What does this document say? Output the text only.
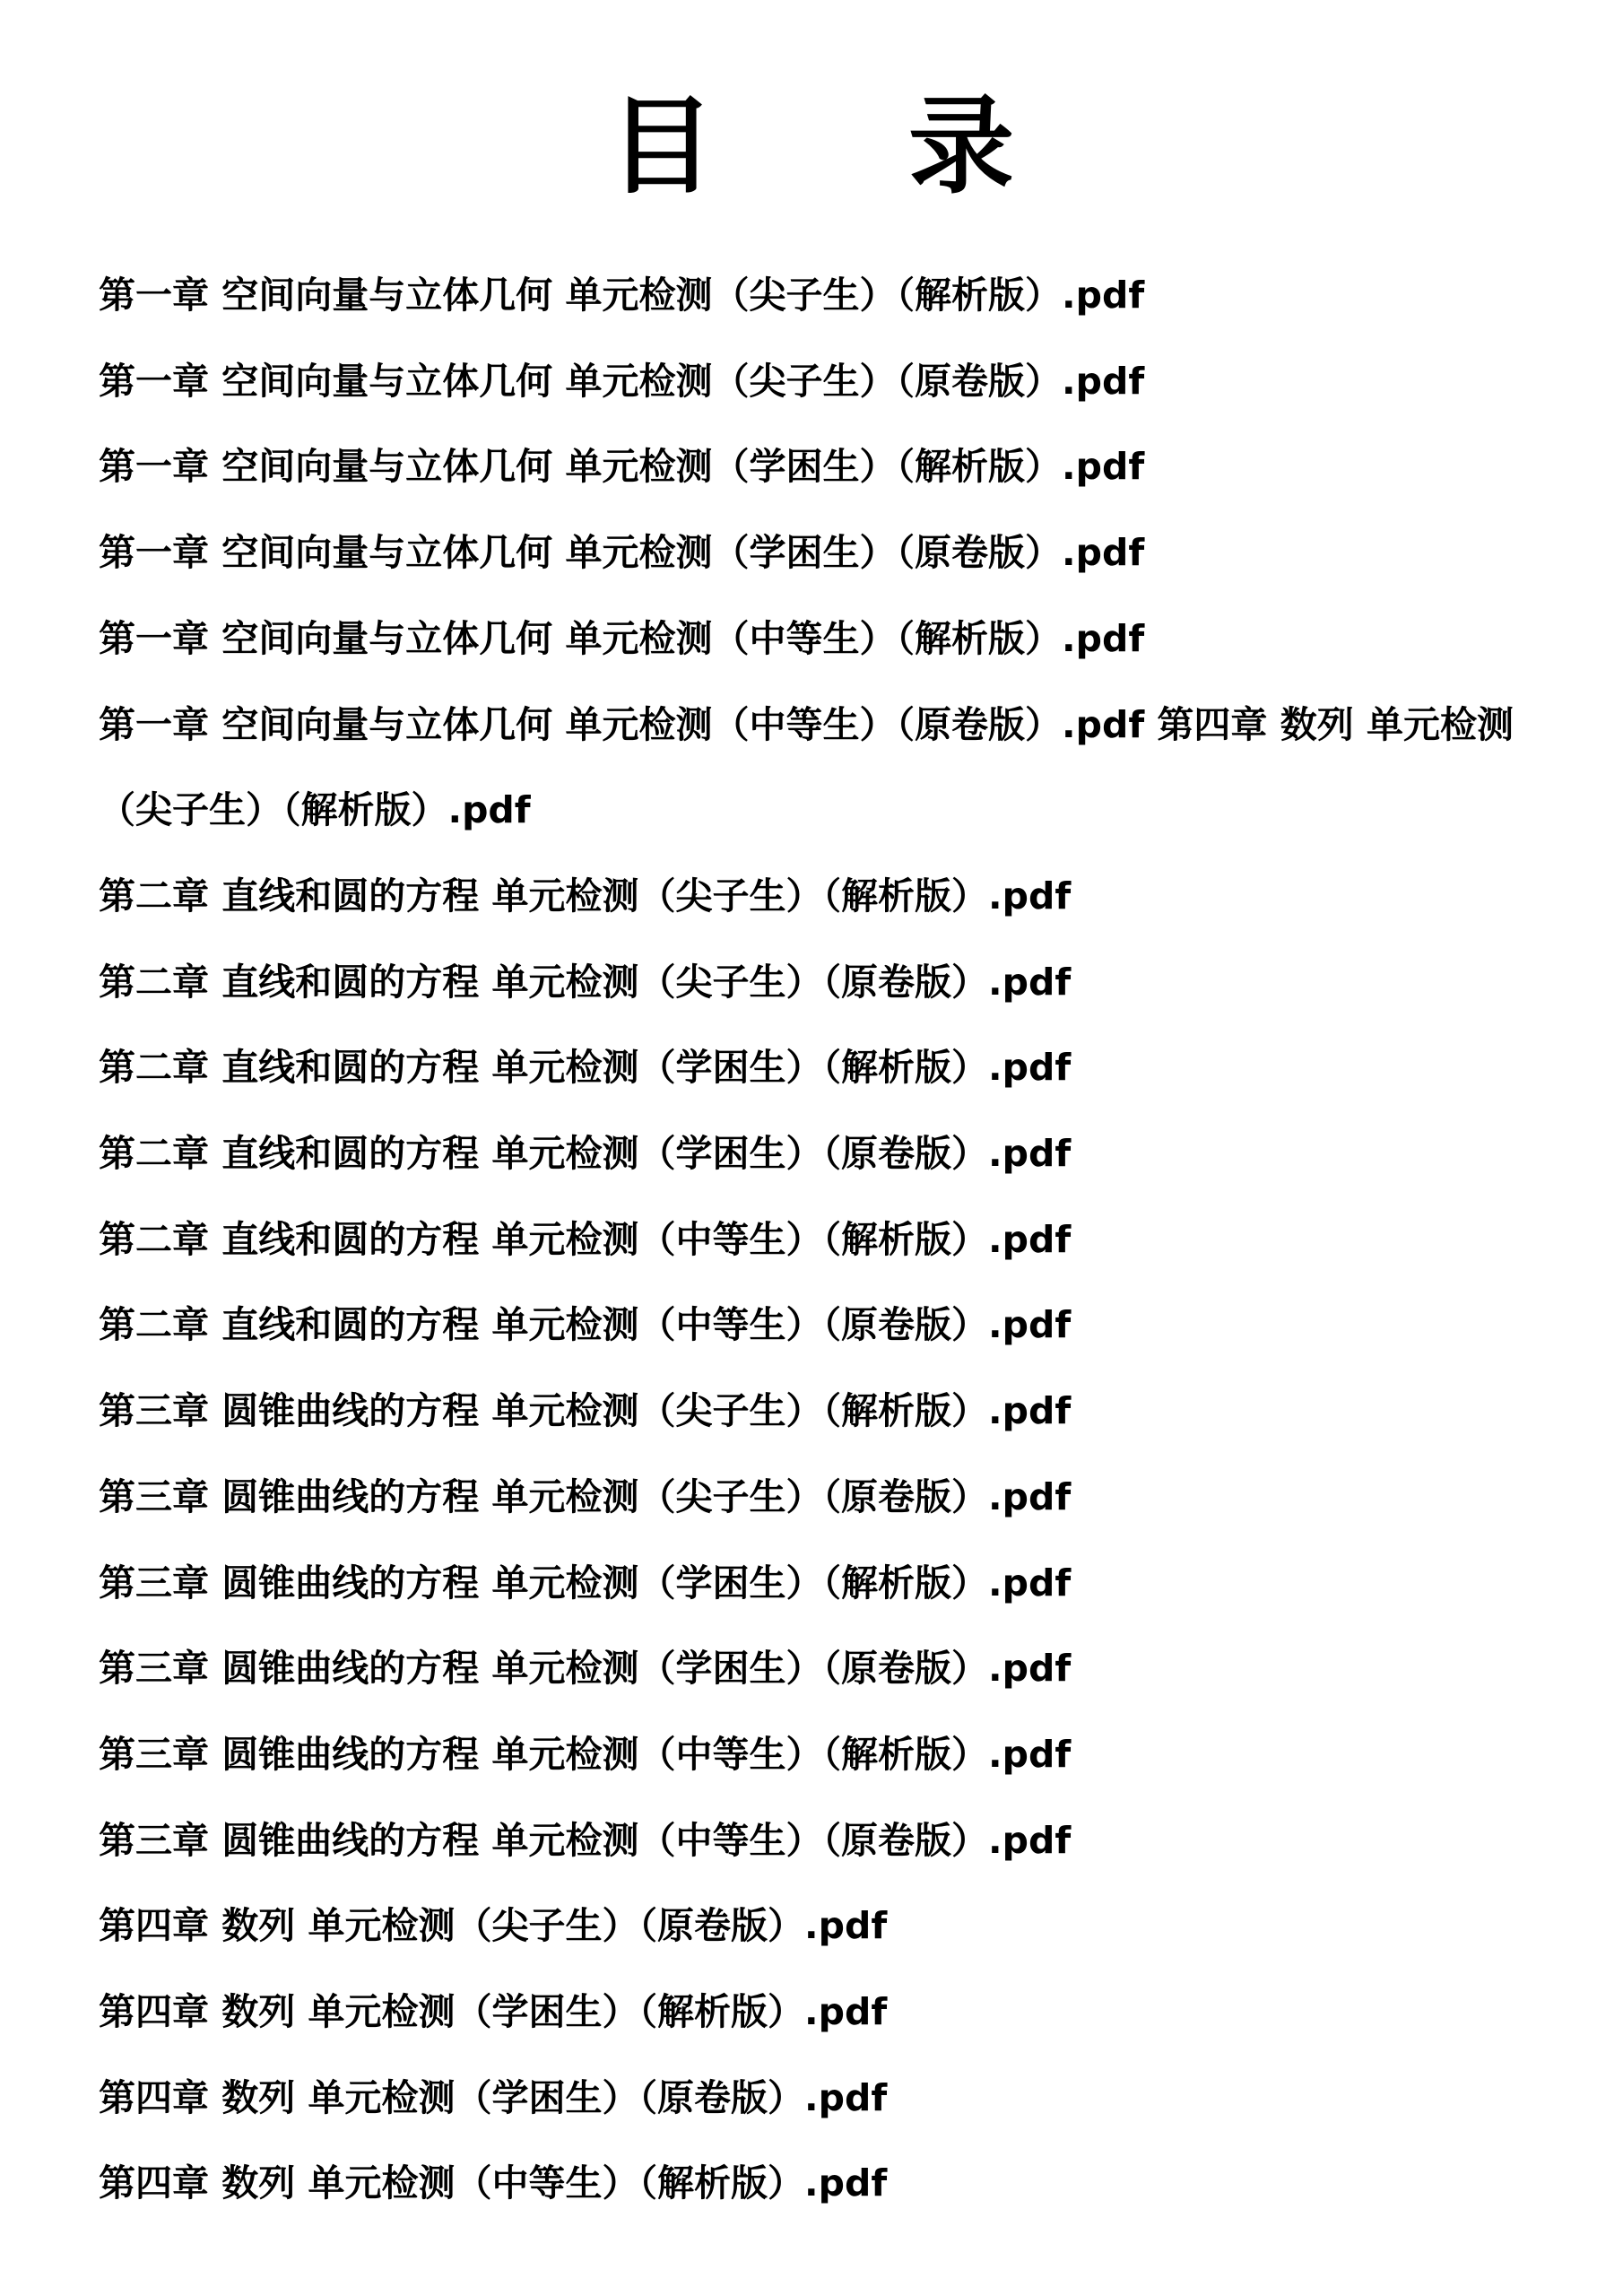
目 录
第一章 空间向量与立体几何 单元检测（尖子生）（解析版）.pdf
第一章 空间向量与立体几何 单元检测（尖子生）（原卷版）.pdf
第一章 空间向量与立体几何 单元检测（学困生）（解析版）.pdf
第一章 空间向量与立体几何 单元检测（学困生）（原卷版）.pdf
第一章 空间向量与立体几何 单元检测（中等生）（解析版）.pdf
第一章 空间向量与立体几何 单元检测（中等生）（原卷版）.pdf 第四章 数列 单元检测（尖子生）（解析版）.pdf
第二章 直线和圆的方程 单元检测（尖子生）（解析版）.pdf
第二章 直线和圆的方程 单元检测（尖子生）（原卷版）.pdf
第二章 直线和圆的方程 单元检测（学困生）（解析版）.pdf
第二章 直线和圆的方程 单元检测（学困生）（原卷版）.pdf
第二章 直线和圆的方程 单元检测（中等生）（解析版）.pdf
第二章 直线和圆的方程 单元检测（中等生）（原卷版）.pdf
第三章 圆锥曲线的方程 单元检测（尖子生）（解析版）.pdf
第三章 圆锥曲线的方程 单元检测（尖子生）（原卷版）.pdf
第三章 圆锥曲线的方程 单元检测（学困生）（解析版）.pdf
第三章 圆锥曲线的方程 单元检测（学困生）（原卷版）.pdf
第三章 圆锥曲线的方程 单元检测（中等生）（解析版）.pdf
第三章 圆锥曲线的方程 单元检测（中等生）（原卷版）.pdf
第四章 数列 单元检测（尖子生）（原卷版）.pdf
第四章 数列 单元检测（学困生）（解析版）.pdf
第四章 数列 单元检测（学困生）（原卷版）.pdf
第四章 数列 单元检测（中等生）（解析版）.pdf
